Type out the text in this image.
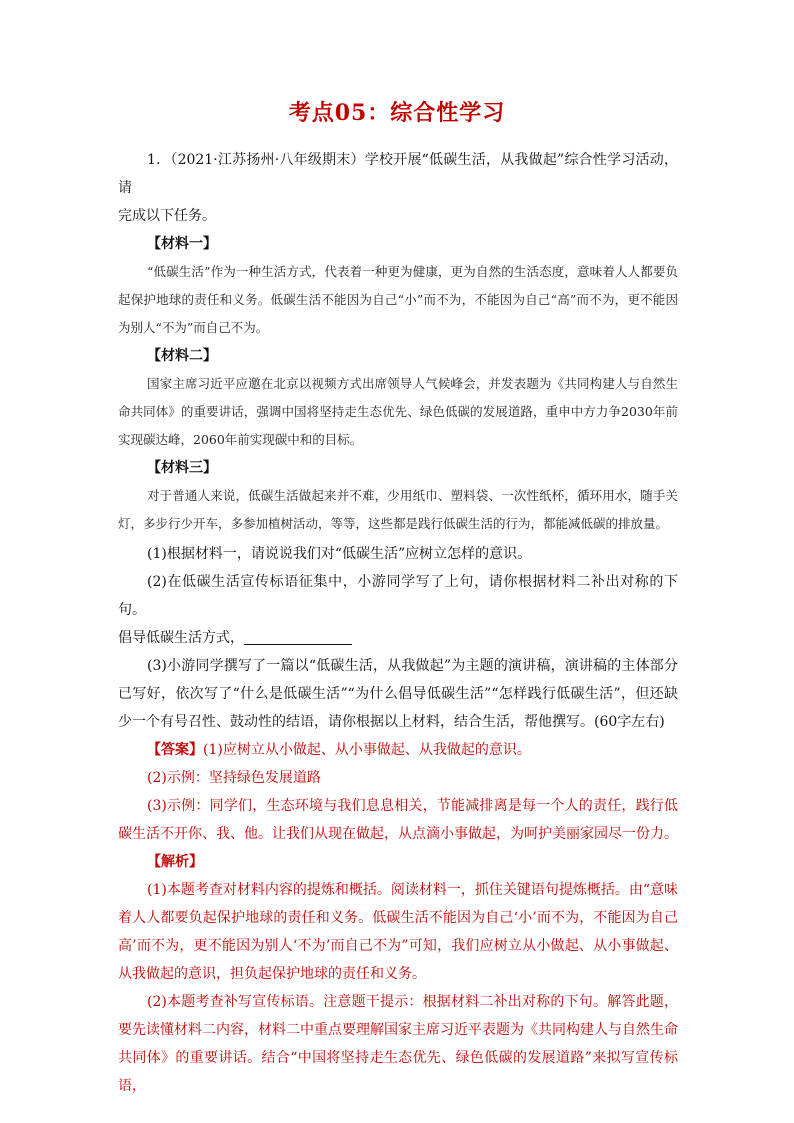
考点05：综合性学习

1．（2021·江苏扬州·八年级期末）学校开展“低碳生活，从我做起”综合性学习活动，请

完成以下任务。

【材料一】

“低碳生活”作为一种生活方式，代表着一种更为健康，更为自然的生活态度，意味着人人都要负起保护地球的责任和义务。低碳生活不能因为自己“小”而不为，不能因为自己“高”而不为，更不能因为别人“不为”而自己不为。

【材料二】

国家主席习近平应邀在北京以视频方式出席领导人气候峰会，并发表题为《共同构建人与自然生命共同体》的重要讲话，强调中国将坚持走生态优先、绿色低碳的发展道路，重申中方力争2030年前实现碳达峰，2060年前实现碳中和的目标。

【材料三】

对于普通人来说，低碳生活做起来并不难，少用纸巾、塑料袋、一次性纸杯，循环用水，随手关灯，多步行少开车，多参加植树活动，等等，这些都是践行低碳生活的行为，都能减低碳的排放量。

(1)根据材料一，请说说我们对“低碳生活”应树立怎样的意识。

(2)在低碳生活宣传标语征集中，小游同学写了上句，请你根据材料二补出对称的下句。

倡导低碳生活方式，

(3)小游同学撰写了一篇以“低碳生活，从我做起”为主题的演讲稿，演讲稿的主体部分已写好，依次写了“什么是低碳生活”“为什么倡导低碳生活”“怎样践行低碳生活”，但还缺少一个有号召性、鼓动性的结语，请你根据以上材料，结合生活，帮他撰写。(60字左右)

【答案】(1)应树立从小做起、从小事做起、从我做起的意识。

(2)示例：坚持绿色发展道路

(3)示例：同学们，生态环境与我们息息相关，节能减排离是每一个人的责任，践行低碳生活不开你、我、他。让我们从现在做起，从点滴小事做起，为呵护美丽家园尽一份力。

【解析】

(1)本题考查对材料内容的提炼和概括。阅读材料一，抓住关键语句提炼概括。由“意味着人人都要负起保护地球的责任和义务。低碳生活不能因为自己‘小’而不为，不能因为自己高’而不为，更不能因为别人‘不为’而自己不为”可知，我们应树立从小做起、从小事做起、从我做起的意识，担负起保护地球的责任和义务。

(2)本题考查补写宣传标语。注意题干提示：根据材料二补出对称的下句。解答此题，要先读懂材料二内容，材料二中重点要理解国家主席习近平表题为《共同构建人与自然生命共同体》的重要讲话。结合“中国将坚持走生态优先、绿色低碳的发展道路”来拟写宣传标语，
